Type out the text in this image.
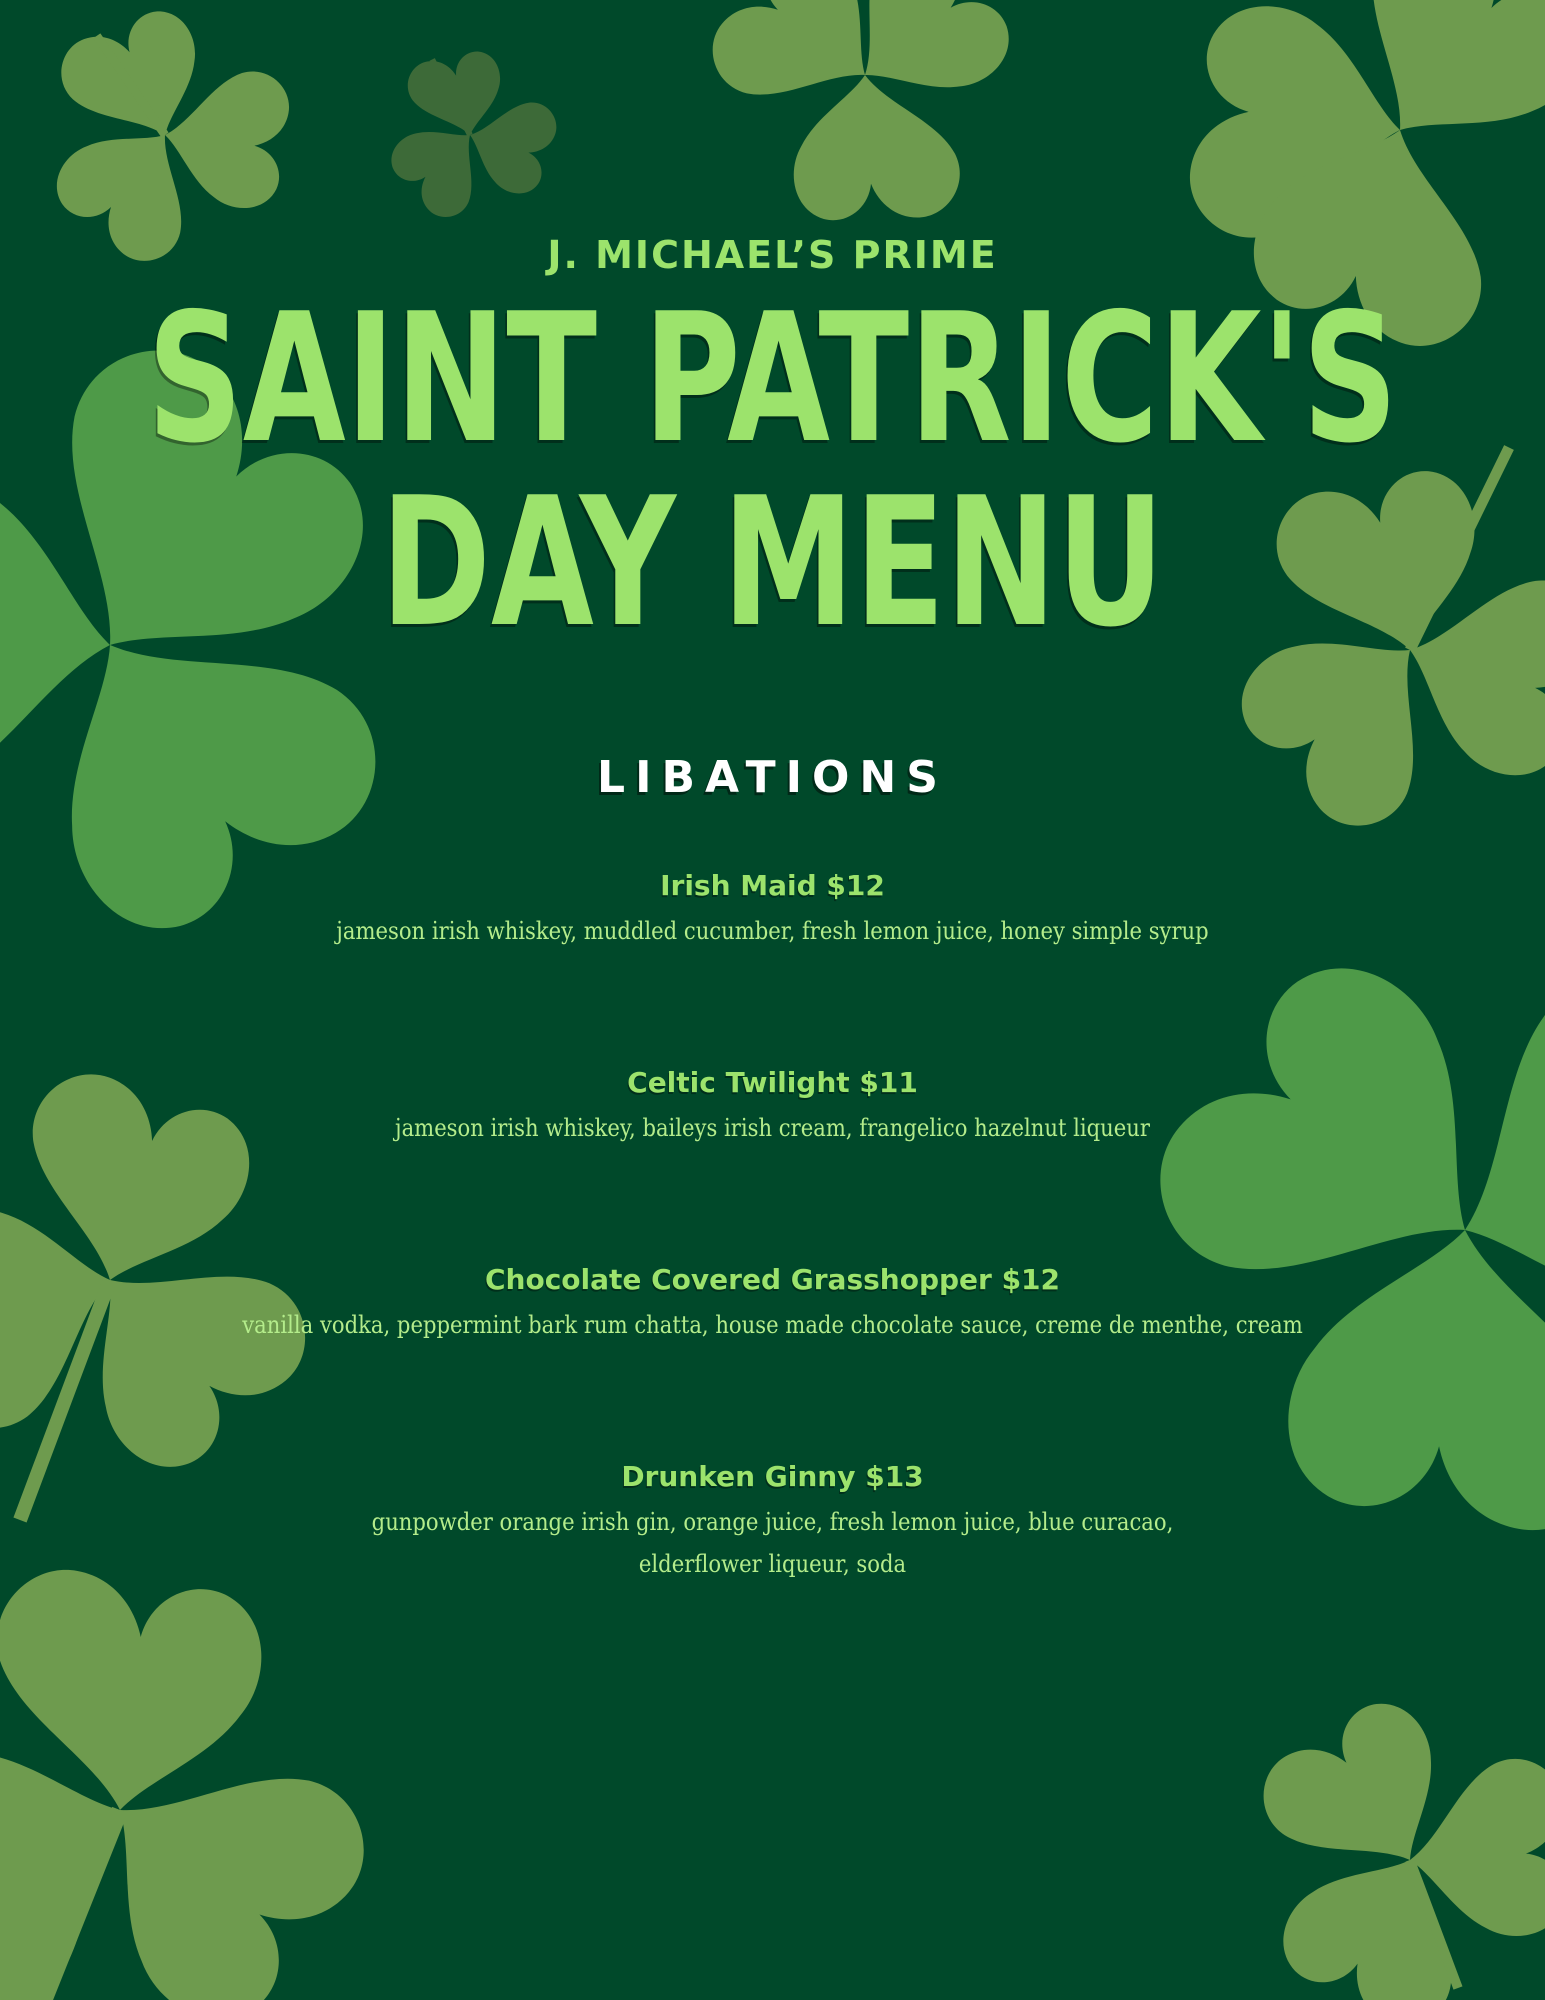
J. MICHAEL’S PRIME
SAINT PATRICK'S
DAY MENU
LIBATIONS
Irish Maid $12
jameson irish whiskey, muddled cucumber, fresh lemon juice, honey simple syrup
Celtic Twilight $11
jameson irish whiskey, baileys irish cream, frangelico hazelnut liqueur
Chocolate Covered Grasshopper $12
vanilla vodka, peppermint bark rum chatta, house made chocolate sauce, creme de menthe, cream
Drunken Ginny $13
gunpowder orange irish gin, orange juice, fresh lemon juice, blue curacao,
elderflower liqueur, soda
